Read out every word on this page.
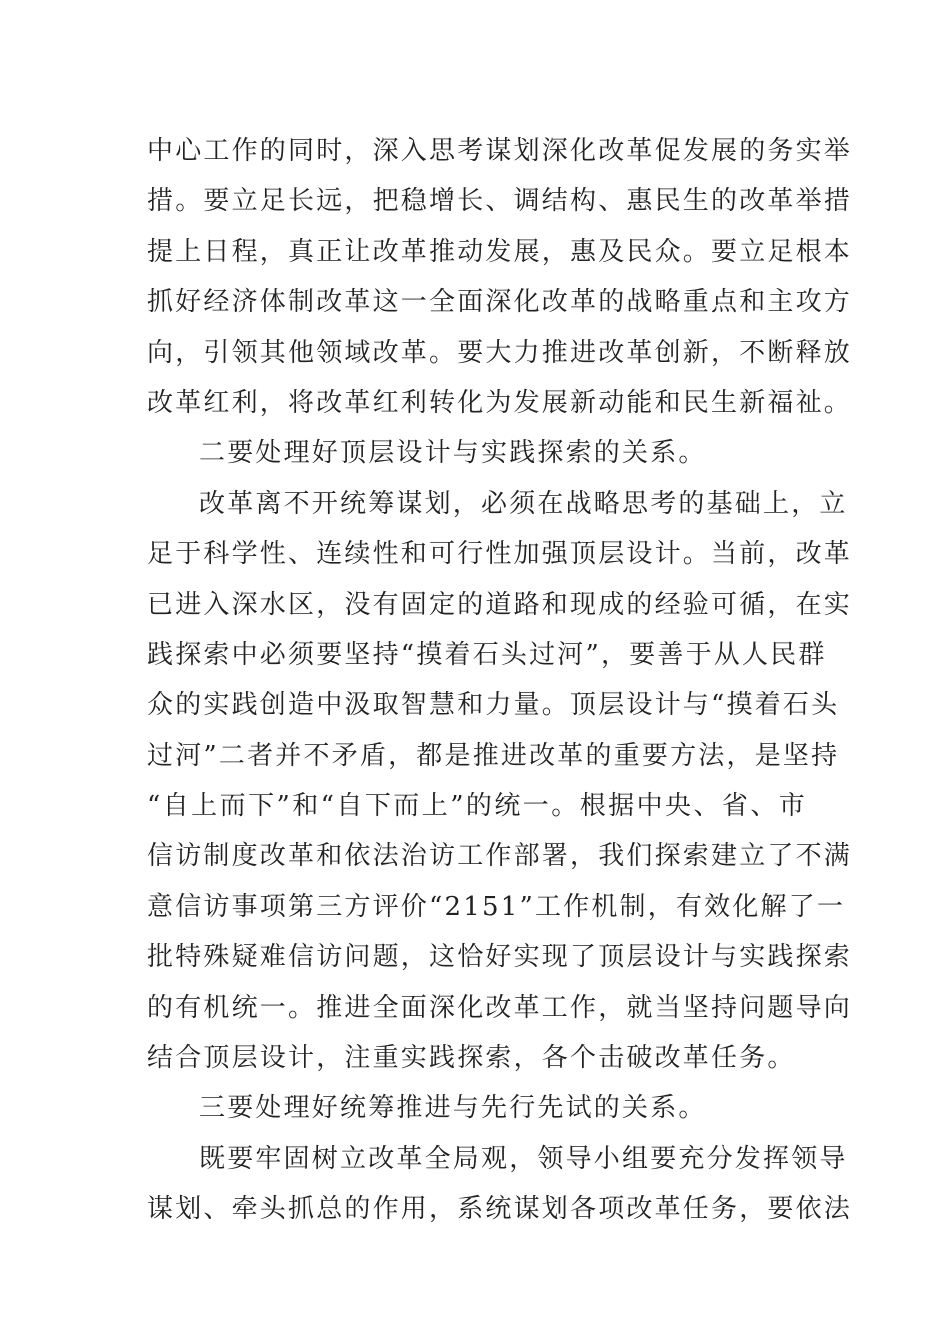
中心工作的同时，深入思考谋划深化改革促发展的务实举
措。要立足长远，把稳增长、调结构、惠民生的改革举措
提上日程，真正让改革推动发展，惠及民众。要立足根本
抓好经济体制改革这一全面深化改革的战略重点和主攻方
向，引领其他领域改革。要大力推进改革创新，不断释放
改革红利，将改革红利转化为发展新动能和民生新福祉。
二要处理好顶层设计与实践探索的关系。
改革离不开统筹谋划，必须在战略思考的基础上，立
足于科学性、连续性和可行性加强顶层设计。当前，改革
已进入深水区，没有固定的道路和现成的经验可循，在实
践探索中必须要坚持“摸着石头过河”，要善于从人民群
众的实践创造中汲取智慧和力量。顶层设计与“摸着石头
过河”二者并不矛盾，都是推进改革的重要方法，是坚持
“自上而下”和“自下而上”的统一。根据中央、省、市
信访制度改革和依法治访工作部署，我们探索建立了不满
意信访事项第三方评价“2151”工作机制，有效化解了一
批特殊疑难信访问题，这恰好实现了顶层设计与实践探索
的有机统一。推进全面深化改革工作，就当坚持问题导向
结合顶层设计，注重实践探索，各个击破改革任务。
三要处理好统筹推进与先行先试的关系。
既要牢固树立改革全局观，领导小组要充分发挥领导
谋划、牵头抓总的作用，系统谋划各项改革任务，要依法
